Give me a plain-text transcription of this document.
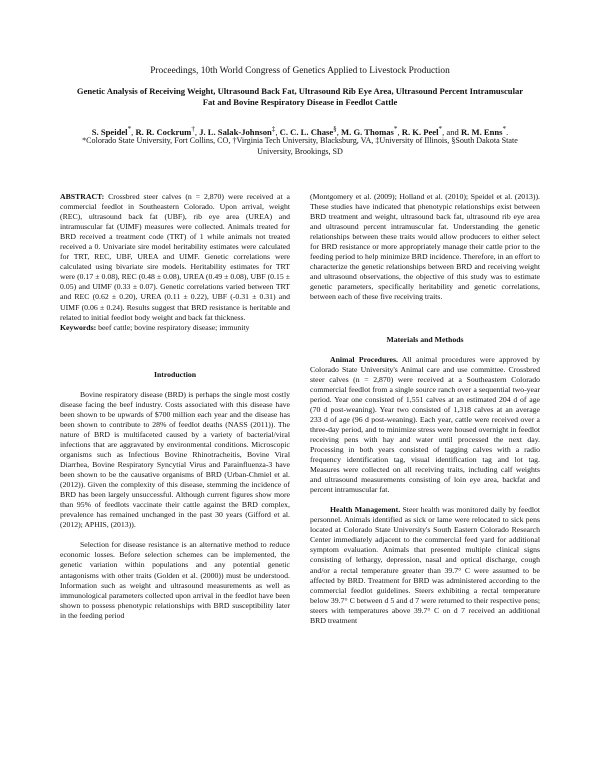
Proceedings, 10th World Congress of Genetics Applied to Livestock Production
Genetic Analysis of Receiving Weight, Ultrasound Back Fat, Ultrasound Rib Eye Area, Ultrasound Percent Intramuscular Fat and Bovine Respiratory Disease in Feedlot Cattle
S. Speidel*, R. R. Cockrum†, J. L. Salak-Johnson‡, C. C. L. Chase§, M. G. Thomas*, R. K. Peel*, and R. M. Enns*.
*Colorado State University, Fort Collins, CO, †Virginia Tech University, Blacksburg, VA, ‡University of Illinois, §South Dakota State University, Brookings, SD

ABSTRACT: Crossbred steer calves (n = 2,870) were received at a commercial feedlot in Southeastern Colorado. Upon arrival, weight (REC), ultrasound back fat (UBF), rib eye area (UREA) and intramuscular fat (UIMF) measures were collected. Animals treated for BRD received a treatment code (TRT) of 1 while animals not treated received a 0. Univariate sire model heritability estimates were calculated for TRT, REC, UBF, UREA and UIMF. Genetic correlations were calculated using bivariate sire models. Heritability estimates for TRT were (0.17 ± 0.08), REC (0.48 ± 0.08), UREA (0.49 ± 0.08), UBF (0.15 ± 0.05) and UIMF (0.33 ± 0.07). Genetic correlations varied between TRT and REC (0.62 ± 0.20), UREA (0.11 ± 0.22), UBF (-0.31 ± 0.31) and UIMF (0.06 ± 0.24). Results suggest that BRD resistance is heritable and related to initial feedlot body weight and back fat thickness.

Keywords: beef cattle; bovine respiratory disease; immunity

Introduction

Bovine respiratory disease (BRD) is perhaps the single most costly disease facing the beef industry. Costs associated with this disease have been shown to be upwards of $700 million each year and the disease has been shown to contribute to 28% of feedlot deaths (NASS (2011)). The nature of BRD is multifaceted caused by a variety of bacterial/viral infections that are aggravated by environmental conditions. Microscopic organisms such as Infectious Bovine Rhinotracheitis, Bovine Viral Diarrhea, Bovine Respiratory Syncytial Virus and Parainfluenza-3 have been shown to be the causative organisms of BRD (Urban-Chmiel et al. (2012)). Given the complexity of this disease, stemming the incidence of BRD has been largely unsuccessful. Although current figures show more than 95% of feedlots vaccinate their cattle against the BRD complex, prevalence has remained unchanged in the past 30 years (Gifford et al. (2012); APHIS, (2013)).

Selection for disease resistance is an alternative method to reduce economic losses. Before selection schemes can be implemented, the genetic variation within populations and any potential genetic antagonisms with other traits (Golden et al. (2000)) must be understood. Information such as weight and ultrasound measurements as well as immunological parameters collected upon arrival in the feedlot have been shown to possess phenotypic relationships with BRD susceptibility later in the feeding period

(Montgomery et al. (2009); Holland et al. (2010); Speidel et al. (2013)). These studies have indicated that phenotypic relationships exist between BRD treatment and weight, ultrasound back fat, ultrasound rib eye area and ultrasound percent intramuscular fat. Understanding the genetic relationships between these traits would allow producers to either select for BRD resistance or more appropriately manage their cattle prior to the feeding period to help minimize BRD incidence. Therefore, in an effort to characterize the genetic relationships between BRD and receiving weight and ultrasound observations, the objective of this study was to estimate genetic parameters, specifically heritability and genetic correlations, between each of these five receiving traits.

Materials and Methods

Animal Procedures. All animal procedures were approved by Colorado State University's Animal care and use committee. Crossbred steer calves (n = 2,870) were received at a Southeastern Colorado commercial feedlot from a single source ranch over a sequential two-year period. Year one consisted of 1,551 calves at an estimated 204 d of age (70 d post-weaning). Year two consisted of 1,318 calves at an average 233 d of age (96 d post-weaning). Each year, cattle were received over a three-day period, and to minimize stress were housed overnight in feedlot receiving pens with hay and water until processed the next day. Processing in both years consisted of tagging calves with a radio frequency identification tag, visual identification tag and lot tag. Measures were collected on all receiving traits, including calf weights and ultrasound measurements consisting of loin eye area, backfat and percent intramuscular fat.

Health Management. Steer health was monitored daily by feedlot personnel. Animals identified as sick or lame were relocated to sick pens located at Colorado State University's South Eastern Colorado Research Center immediately adjacent to the commercial feed yard for additional symptom evaluation. Animals that presented multiple clinical signs consisting of lethargy, depression, nasal and optical discharge, cough and/or a rectal temperature greater than 39.7° C were assumed to be affected by BRD. Treatment for BRD was administered according to the commercial feedlot guidelines. Steers exhibiting a rectal temperature below 39.7° C between d 5 and d 7 were returned to their respective pens; steers with temperatures above 39.7° C on d 7 received an additional BRD treatment
